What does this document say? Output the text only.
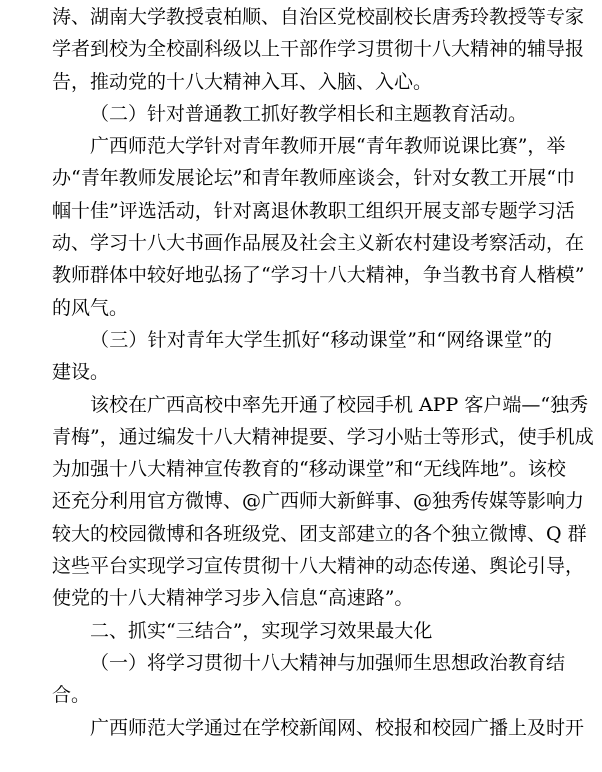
涛、湖南大学教授袁柏顺、自治区党校副校长唐秀玲教授等专家
学者到校为全校副科级以上干部作学习贯彻十八大精神的辅导报
告，推动党的十八大精神入耳、入脑、入心。
（二）针对普通教工抓好教学相长和主题教育活动。
广西师范大学针对青年教师开展“青年教师说课比赛”，举
办“青年教师发展论坛”和青年教师座谈会，针对女教工开展“巾
帼十佳”评选活动，针对离退休教职工组织开展支部专题学习活
动、学习十八大书画作品展及社会主义新农村建设考察活动，在
教师群体中较好地弘扬了“学习十八大精神，争当教书育人楷模”
的风气。
（三）针对青年大学生抓好“移动课堂”和“网络课堂”的
建设。
该校在广西高校中率先开通了校园手机 APP 客户端—“独秀
青梅”，通过编发十八大精神提要、学习小贴士等形式，使手机成
为加强十八大精神宣传教育的“移动课堂”和“无线阵地”。该校
还充分利用官方微博、@广西师大新鲜事、@独秀传媒等影响力
较大的校园微博和各班级党、团支部建立的各个独立微博、Q 群
这些平台实现学习宣传贯彻十八大精神的动态传递、舆论引导，
使党的十八大精神学习步入信息“高速路”。
二、抓实“三结合”，实现学习效果最大化
（一）将学习贯彻十八大精神与加强师生思想政治教育结
合。
广西师范大学通过在学校新闻网、校报和校园广播上及时开
